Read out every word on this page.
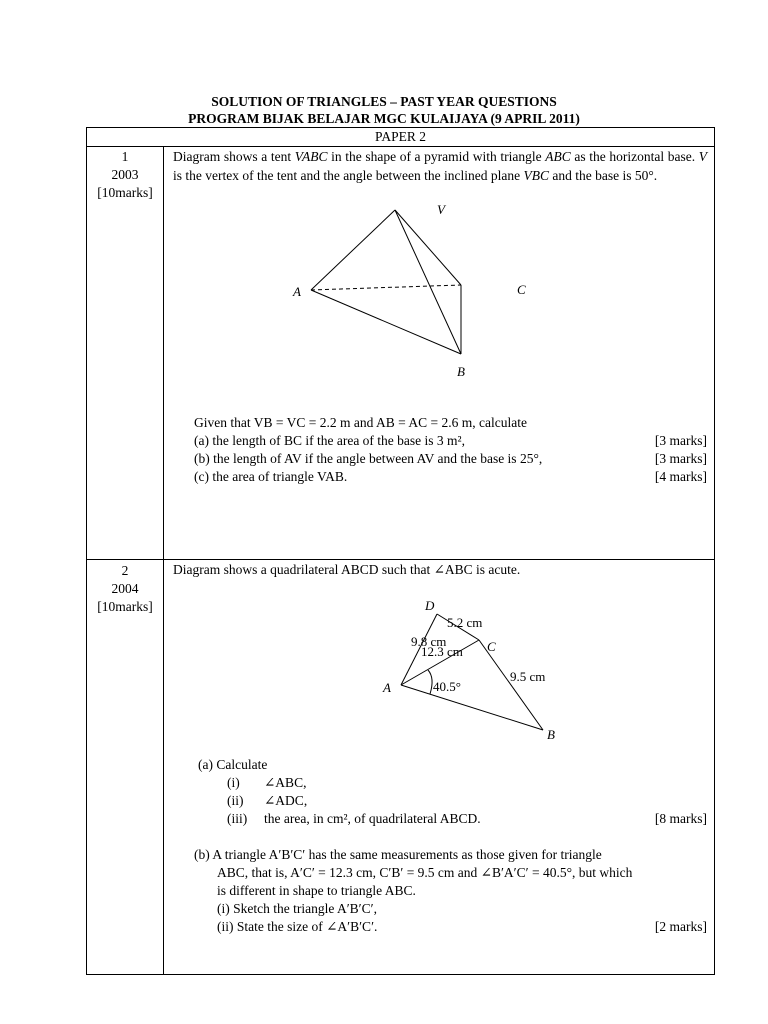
SOLUTION OF TRIANGLES – PAST YEAR QUESTIONS
PROGRAM BIJAK BELAJAR MGC KULAIJAYA (9 APRIL 2011)
PAPER 2
1
2003
[10marks]
Diagram shows a tent VABC in the shape of a pyramid with triangle ABC as the horizontal base. V is the vertex of the tent and the angle between the inclined plane VBC and the base is 50°.
V
A	C
B
Given that VB = VC = 2.2 m and AB = AC = 2.6 m, calculate
(a) the length of BC if the area of the base is 3 m²,	[3 marks]
(b) the length of AV if the angle between AV and the base is 25°,	[3 marks]
(c) the area of triangle VAB.	[4 marks]
2
2004
[10marks]
Diagram shows a quadrilateral ABCD such that ∠ABC is acute.
D
A
C
B
9.8 cm
5.2 cm
12.3 cm
9.5 cm
40.5°
(a) Calculate
(i) ∠ABC,
(ii) ∠ADC,
(iii) the area, in cm², of quadrilateral ABCD.	[8 marks]
(b) A triangle A′B′C′ has the same measurements as those given for triangle
ABC, that is, A′C′ = 12.3 cm, C′B′ = 9.5 cm and ∠B′A′C′ = 40.5°, but which
is different in shape to triangle ABC.
(i) Sketch the triangle A′B′C′,
(ii) State the size of ∠A′B′C′.	[2 marks]
